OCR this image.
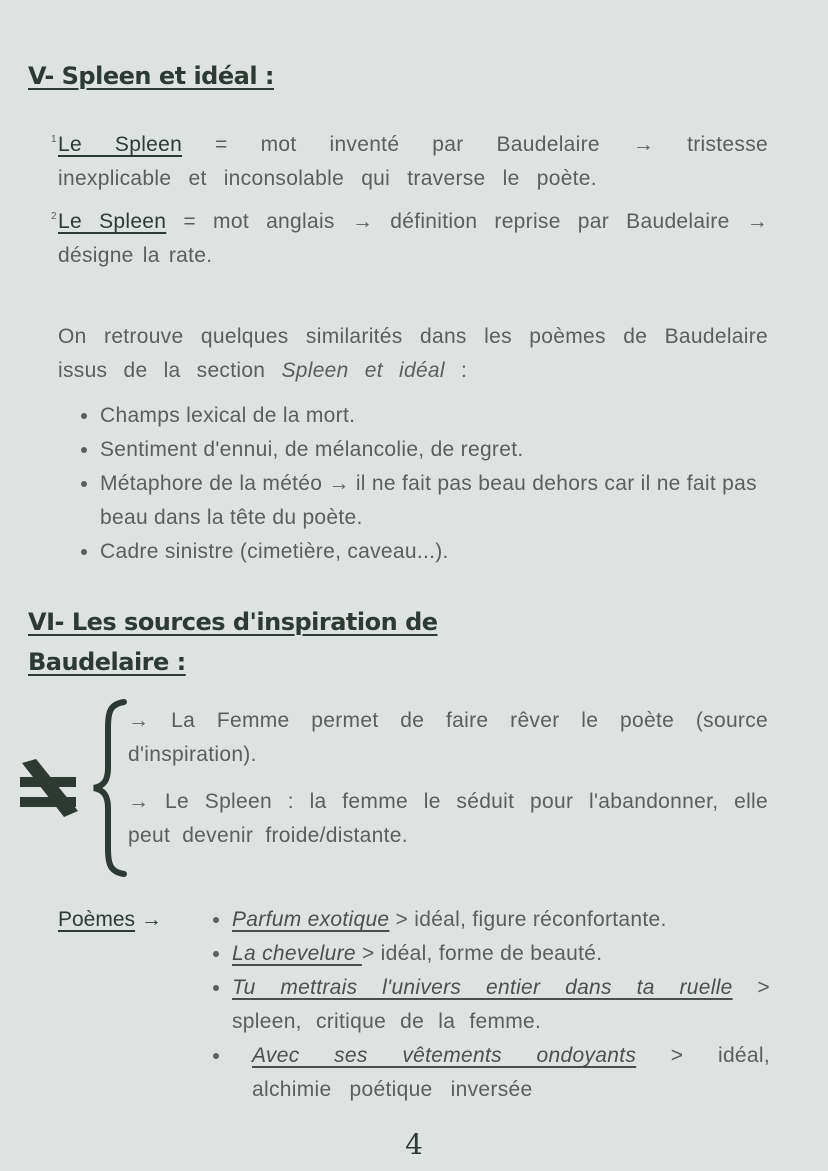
V- Spleen et idéal :
1 Le Spleen = mot inventé par Baudelaire → tristesse inexplicable et inconsolable qui traverse le poète.

2 Le Spleen = mot anglais → définition reprise par Baudelaire → désigne la rate.

On retrouve quelques similarités dans les poèmes de Baudelaire issus de la section Spleen et idéal :

• Champs lexical de la mort.
• Sentiment d'ennui, de mélancolie, de regret.
• Métaphore de la météo → il ne fait pas beau dehors car il ne fait pas beau dans la tête du poète.
• Cadre sinistre (cimetière, caveau...).
VI- Les sources d'inspiration de
Baudelaire :

→ La Femme permet de faire rêver le poète (source d'inspiration).

→ Le Spleen : la femme le séduit pour l'abandonner, elle peut devenir froide/distante.

Poèmes →
•	Parfum exotique > idéal, figure réconfortante.
• La chevelure > idéal, forme de beauté.
• Tu mettrais l'univers entier dans ta ruelle > spleen, critique de la femme.
• Avec ses vêtements ondoyants > idéal, alchimie poétique inversée
4
